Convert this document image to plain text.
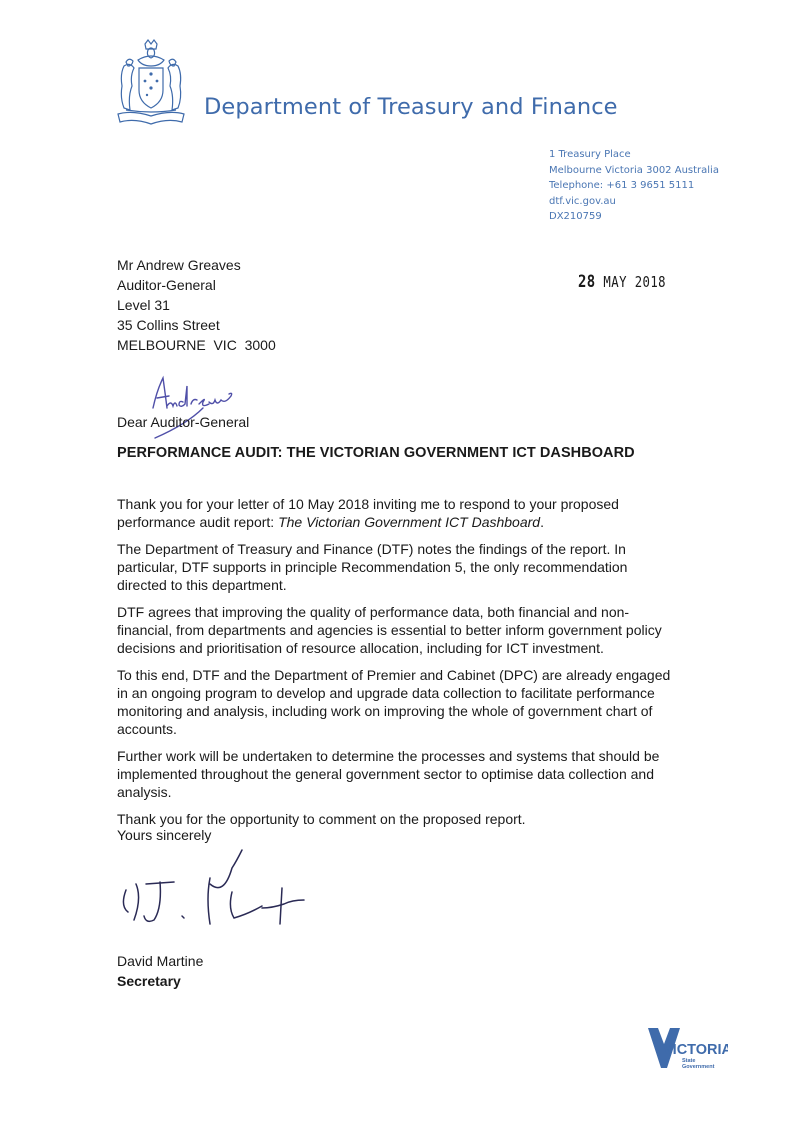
Department of Treasury and Finance
1 Treasury Place
Melbourne Victoria 3002 Australia
Telephone: +61 3 9651 5111
dtf.vic.gov.au
DX210759
Mr Andrew Greaves
Auditor-General
Level 31
35 Collins Street
MELBOURNE  VIC  3000
28 MAY 2018
Dear Auditor-General
PERFORMANCE AUDIT: THE VICTORIAN GOVERNMENT ICT DASHBOARD

Thank you for your letter of 10 May 2018 inviting me to respond to your proposed performance audit report: The Victorian Government ICT Dashboard.

The Department of Treasury and Finance (DTF) notes the findings of the report. In particular, DTF supports in principle Recommendation 5, the only recommendation directed to this department.

DTF agrees that improving the quality of performance data, both financial and non-financial, from departments and agencies is essential to better inform government policy decisions and prioritisation of resource allocation, including for ICT investment.

To this end, DTF and the Department of Premier and Cabinet (DPC) are already engaged in an ongoing program to develop and upgrade data collection to facilitate performance monitoring and analysis, including work on improving the whole of government chart of accounts.

Further work will be undertaken to determine the processes and systems that should be implemented throughout the general government sector to optimise data collection and analysis.

Thank you for the opportunity to comment on the proposed report.

Yours sincerely
David Martine
Secretary
VICTORIA
State
Government
